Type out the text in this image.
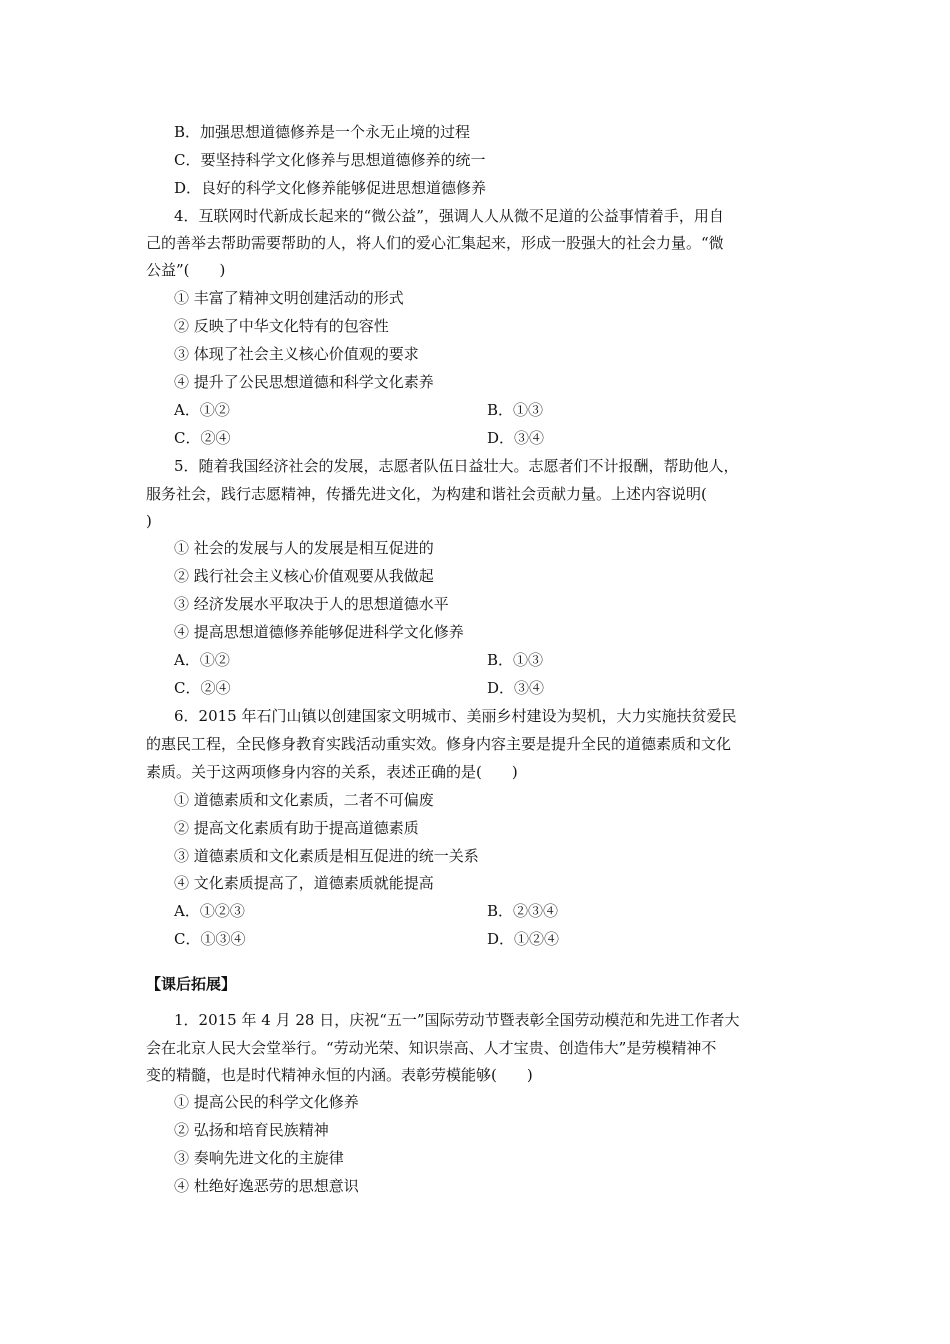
B．加强思想道德修养是一个永无止境的过程
C．要坚持科学文化修养与思想道德修养的统一
D．良好的科学文化修养能够促进思想道德修养
4．互联网时代新成长起来的“微公益”，强调人人从微不足道的公益事情着手，用自
己的善举去帮助需要帮助的人，将人们的爱心汇集起来，形成一股强大的社会力量。“微
公益”(　　)
① 丰富了精神文明创建活动的形式
② 反映了中华文化特有的包容性
③ 体现了社会主义核心价值观的要求
④ 提升了公民思想道德和科学文化素养
A．①②	B．①③
C．②④	D．③④
5．随着我国经济社会的发展，志愿者队伍日益壮大。志愿者们不计报酬，帮助他人，
服务社会，践行志愿精神，传播先进文化，为构建和谐社会贡献力量。上述内容说明(
)
① 社会的发展与人的发展是相互促进的
② 践行社会主义核心价值观要从我做起
③ 经济发展水平取决于人的思想道德水平
④ 提高思想道德修养能够促进科学文化修养
A．①②	B．①③
C．②④	D．③④
6．2015 年石门山镇以创建国家文明城市、美丽乡村建设为契机，大力实施扶贫爱民
的惠民工程，全民修身教育实践活动重实效。修身内容主要是提升全民的道德素质和文化
素质。关于这两项修身内容的关系，表述正确的是(　　)
① 道德素质和文化素质，二者不可偏废
② 提高文化素质有助于提高道德素质
③ 道德素质和文化素质是相互促进的统一关系
④ 文化素质提高了，道德素质就能提高
A．①②③	B．②③④
C．①③④	D．①②④
【课后拓展】
1．2015 年 4 月 28 日，庆祝“五一”国际劳动节暨表彰全国劳动模范和先进工作者大
会在北京人民大会堂举行。“劳动光荣、知识崇高、人才宝贵、创造伟大”是劳模精神不
变的精髓，也是时代精神永恒的内涵。表彰劳模能够(　　)
① 提高公民的科学文化修养
② 弘扬和培育民族精神
③ 奏响先进文化的主旋律
④ 杜绝好逸恶劳的思想意识
